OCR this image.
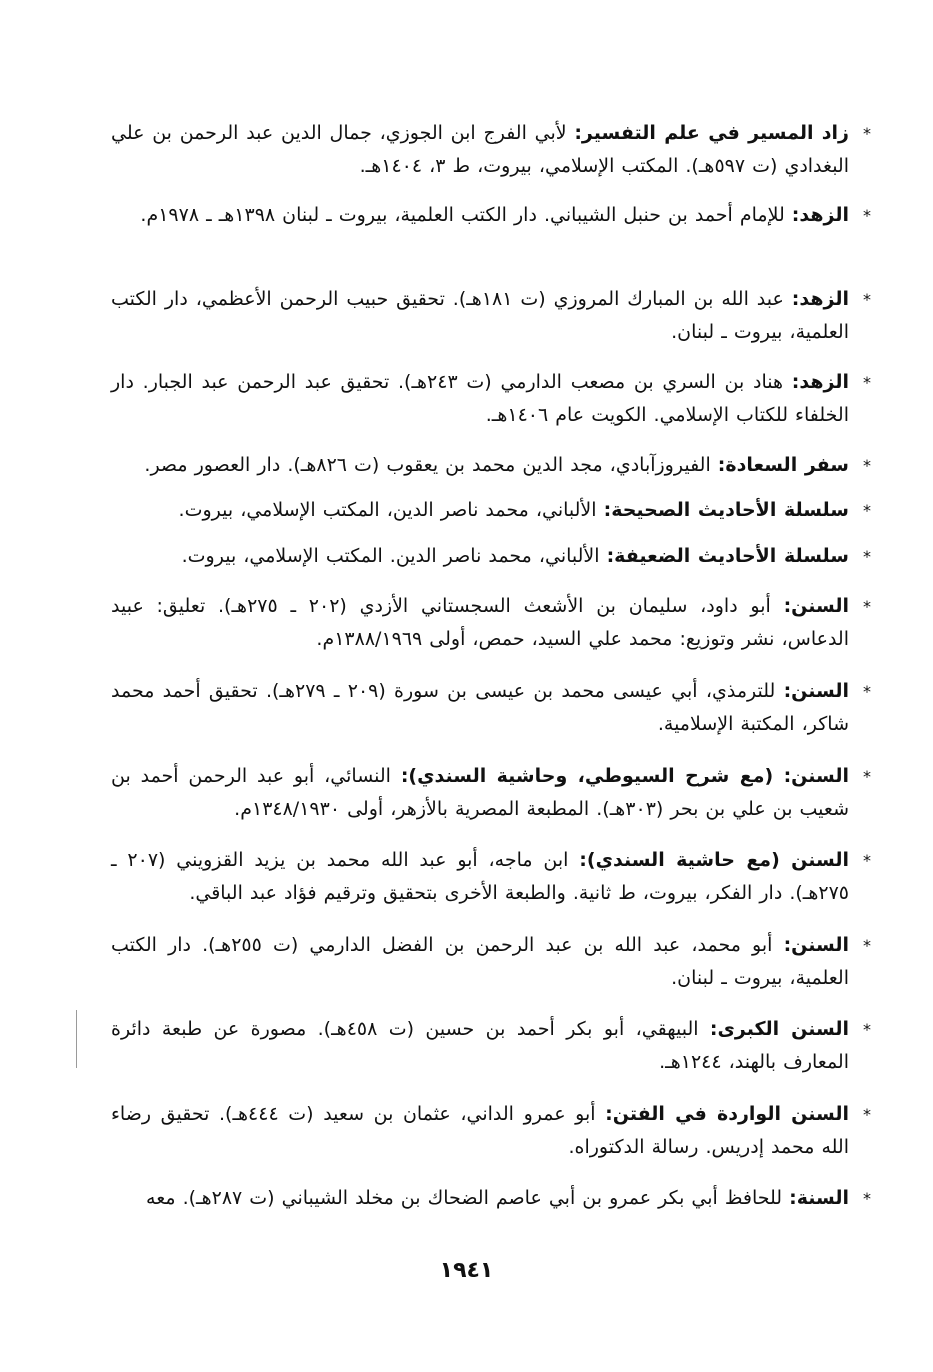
*
زاد المسير في علم التفسير: لأبي الفرج ابن الجوزي، جمال الدين عبد الرحمن بن علي البغدادي (ت ٥٩٧هـ). المكتب الإسلامي، بيروت، ط ٣، ١٤٠٤هـ.
*
الزهد: للإمام أحمد بن حنبل الشيباني. دار الكتب العلمية، بيروت ـ لبنان ١٣٩٨هـ ـ ١٩٧٨م.
*
الزهد: عبد الله بن المبارك المروزي (ت ١٨١هـ). تحقيق حبيب الرحمن الأعظمي، دار الكتب العلمية، بيروت ـ لبنان.
*
الزهد: هناد بن السري بن مصعب الدارمي (ت ٢٤٣هـ). تحقيق عبد الرحمن عبد الجبار. دار الخلفاء للكتاب الإسلامي. الكويت عام ١٤٠٦هـ.
*
سفر السعادة: الفيروزآبادي، مجد الدين محمد بن يعقوب (ت ٨٢٦هـ). دار العصور مصر.
*
سلسلة الأحاديث الصحيحة: الألباني، محمد ناصر الدين، المكتب الإسلامي، بيروت.
*
سلسلة الأحاديث الضعيفة: الألباني، محمد ناصر الدين. المكتب الإسلامي، بيروت.
*
السنن: أبو داود، سليمان بن الأشعث السجستاني الأزدي (٢٠٢ ـ ٢٧٥هـ). تعليق: عبيد الدعاس، نشر وتوزيع: محمد علي السيد، حمص، أولى ١٣٨٨/١٩٦٩م.
*
السنن: للترمذي، أبي عيسى محمد بن عيسى بن سورة (٢٠٩ ـ ٢٧٩هـ). تحقيق أحمد محمد شاكر، المكتبة الإسلامية.
*
السنن: (مع شرح السيوطي، وحاشية السندي): النسائي، أبو عبد الرحمن أحمد بن شعيب بن علي بن بحر (٣٠٣هـ). المطبعة المصرية بالأزهر، أولى ١٣٤٨/١٩٣٠م.
*
السنن (مع حاشية السندي): ابن ماجه، أبو عبد الله محمد بن يزيد القزويني (٢٠٧ ـ ٢٧٥هـ). دار الفكر، بيروت، ط ثانية. والطبعة الأخرى بتحقيق وترقيم فؤاد عبد الباقي.
*
السنن: أبو محمد، عبد الله بن عبد الرحمن بن الفضل الدارمي (ت ٢٥٥هـ). دار الكتب العلمية، بيروت ـ لبنان.
*
السنن الكبرى: البيهقي، أبو بكر أحمد بن حسين (ت ٤٥٨هـ). مصورة عن طبعة دائرة المعارف بالهند، ١٢٤٤هـ.
*
السنن الواردة في الفتن: أبو عمرو الداني، عثمان بن سعيد (ت ٤٤٤هـ). تحقيق رضاء الله محمد إدريس. رسالة الدكتوراه.
*
السنة: للحافظ أبي بكر عمرو بن أبي عاصم الضحاك بن مخلد الشيباني (ت ٢٨٧هـ). معه
١٩٤١
